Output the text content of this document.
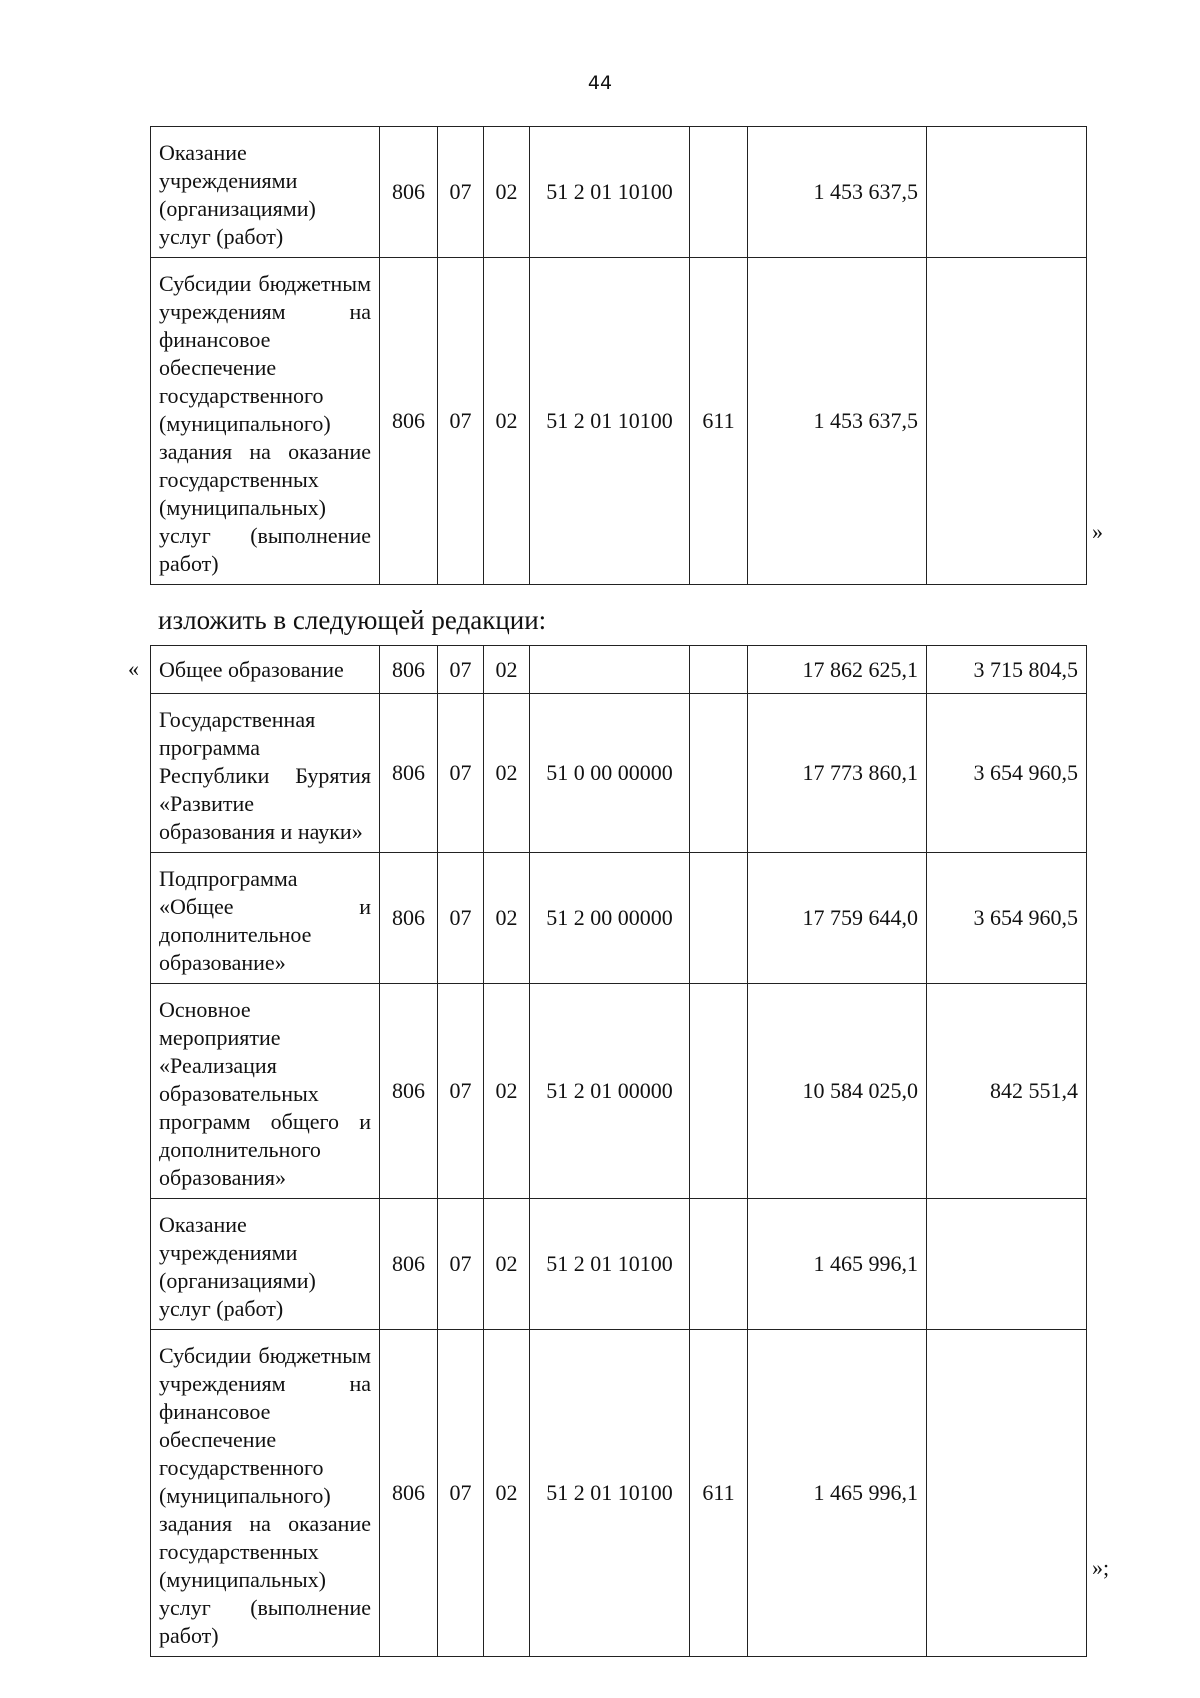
44
Оказание учреждениями (организациями) услуг (работ)	806	07	02	51 2 01 10100		1 453 637,5	
Субсидии бюджетным учреждениям на финансовое обеспечение государственного (муниципального) задания на оказание государственных (муниципальных) услуг (выполнение работ)	806	07	02	51 2 01 10100	611	1 453 637,5	
»
изложить в следующей редакции:
« Общее образование	806	07	02			17 862 625,1	3 715 804,5
Государственная программа Республики Бурятия «Развитие образования и науки»	806	07	02	51 0 00 00000		17 773 860,1	3 654 960,5
Подпрограмма «Общее и дополнительное образование»	806	07	02	51 2 00 00000		17 759 644,0	3 654 960,5
Основное мероприятие «Реализация образовательных программ общего и дополнительного образования»	806	07	02	51 2 01 00000		10 584 025,0	842 551,4
Оказание учреждениями (организациями) услуг (работ)	806	07	02	51 2 01 10100		1 465 996,1	
Субсидии бюджетным учреждениям на финансовое обеспечение государственного (муниципального) задания на оказание государственных (муниципальных) услуг (выполнение работ)	806	07	02	51 2 01 10100	611	1 465 996,1	
»;
